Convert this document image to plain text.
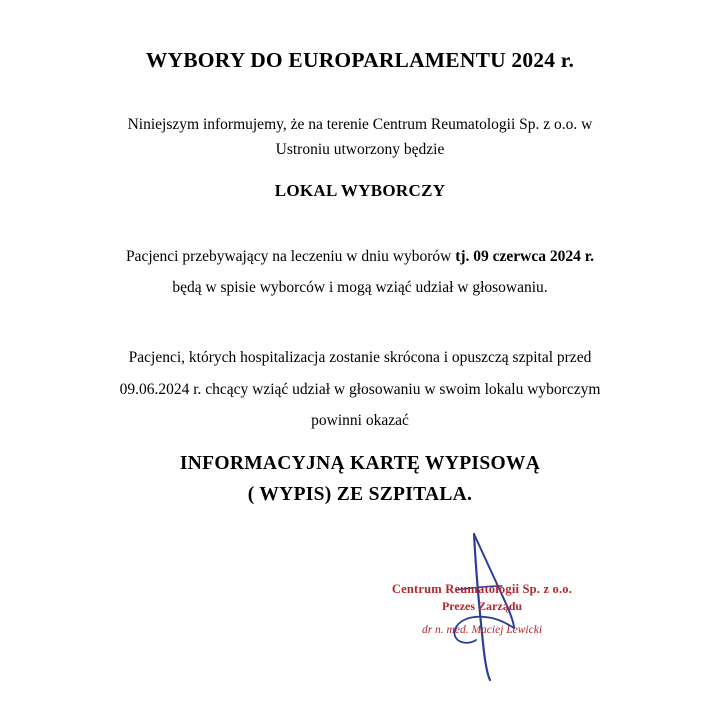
WYBORY DO EUROPARLAMENTU 2024 r.
Niniejszym informujemy, że na terenie Centrum Reumatologii Sp. z o.o. w
Ustroniu utworzony będzie
LOKAL WYBORCZY
Pacjenci przebywający na leczeniu w dniu wyborów tj. 09 czerwca 2024 r.
będą w spisie wyborców i mogą wziąć udział w głosowaniu.
Pacjenci, których hospitalizacja zostanie skrócona i opuszczą szpital przed
09.06.2024 r. chcący wziąć udział w głosowaniu w swoim lokalu wyborczym
powinni okazać
INFORMACYJNĄ KARTĘ WYPISOWĄ
( WYPIS) ZE SZPITALA.
Centrum Reumatologii Sp. z o.o.
Prezes Zarządu
dr n. med. Maciej Lewicki
